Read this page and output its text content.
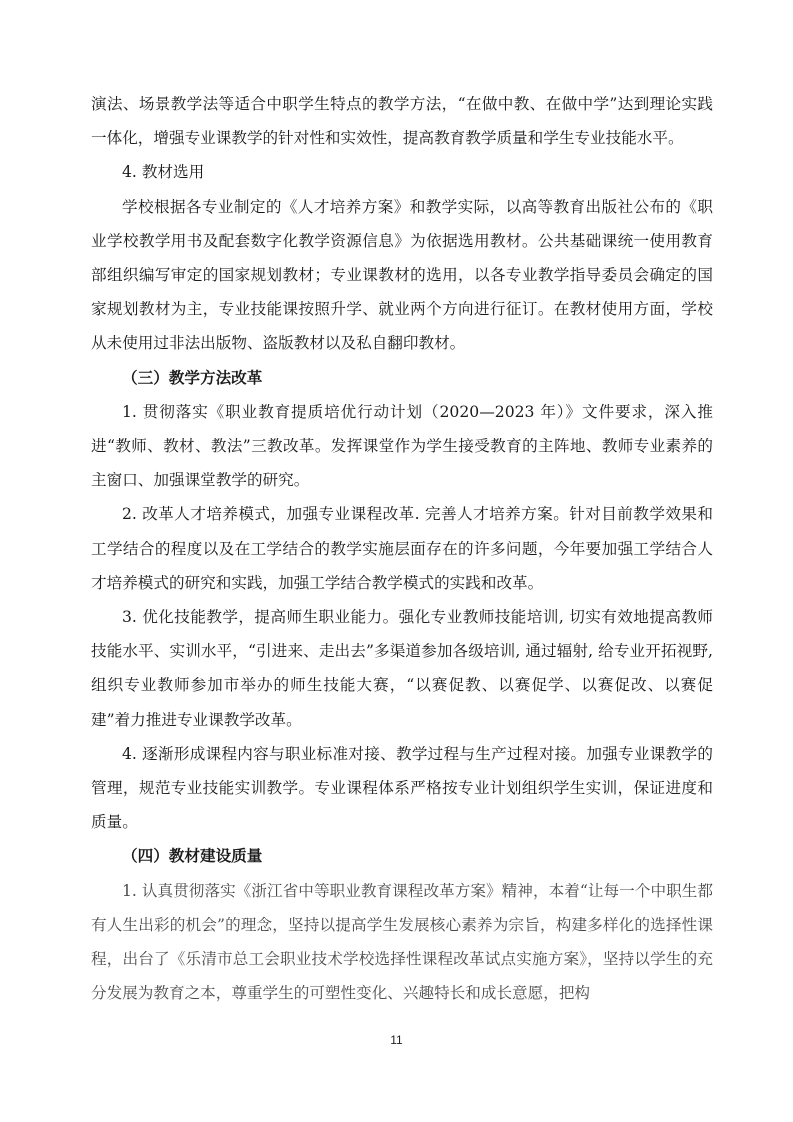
演法、场景教学法等适合中职学生特点的教学方法，“在做中教、在做中学”达到理论实践一体化，增强专业课教学的针对性和实效性，提高教育教学质量和学生专业技能水平。

4. 教材选用

学校根据各专业制定的《人才培养方案》和教学实际，以高等教育出版社公布的《职业学校教学用书及配套数字化教学资源信息》为依据选用教材。公共基础课统一使用教育部组织编写审定的国家规划教材；专业课教材的选用，以各专业教学指导委员会确定的国家规划教材为主，专业技能课按照升学、就业两个方向进行征订。在教材使用方面，学校从未使用过非法出版物、盗版教材以及私自翻印教材。

（三）教学方法改革

1. 贯彻落实《职业教育提质培优行动计划（2020—2023 年）》文件要求，深入推进“教师、教材、教法”三教改革。发挥课堂作为学生接受教育的主阵地、教师专业素养的主窗口、加强课堂教学的研究。

2. 改革人才培养模式，加强专业课程改革. 完善人才培养方案。针对目前教学效果和工学结合的程度以及在工学结合的教学实施层面存在的许多问题，今年要加强工学结合人才培养模式的研究和实践，加强工学结合教学模式的实践和改革。

3. 优化技能教学，提高师生职业能力。强化专业教师技能培训, 切实有效地提高教师技能水平、实训水平，“引进来、走出去”多渠道参加各级培训, 通过辐射, 给专业开拓视野, 组织专业教师参加市举办的师生技能大赛，“以赛促教、以赛促学、以赛促改、以赛促建”着力推进专业课教学改革。

4. 逐渐形成课程内容与职业标准对接、教学过程与生产过程对接。加强专业课教学的管理，规范专业技能实训教学。专业课程体系严格按专业计划组织学生实训，保证进度和质量。

（四）教材建设质量

1. 认真贯彻落实《浙江省中等职业教育课程改革方案》精神，本着“让每一个中职生都有人生出彩的机会”的理念，坚持以提高学生发展核心素养为宗旨，构建多样化的选择性课程，出台了《乐清市总工会职业技术学校选择性课程改革试点实施方案》，坚持以学生的充分发展为教育之本，尊重学生的可塑性变化、兴趣特长和成长意愿，把构

11
